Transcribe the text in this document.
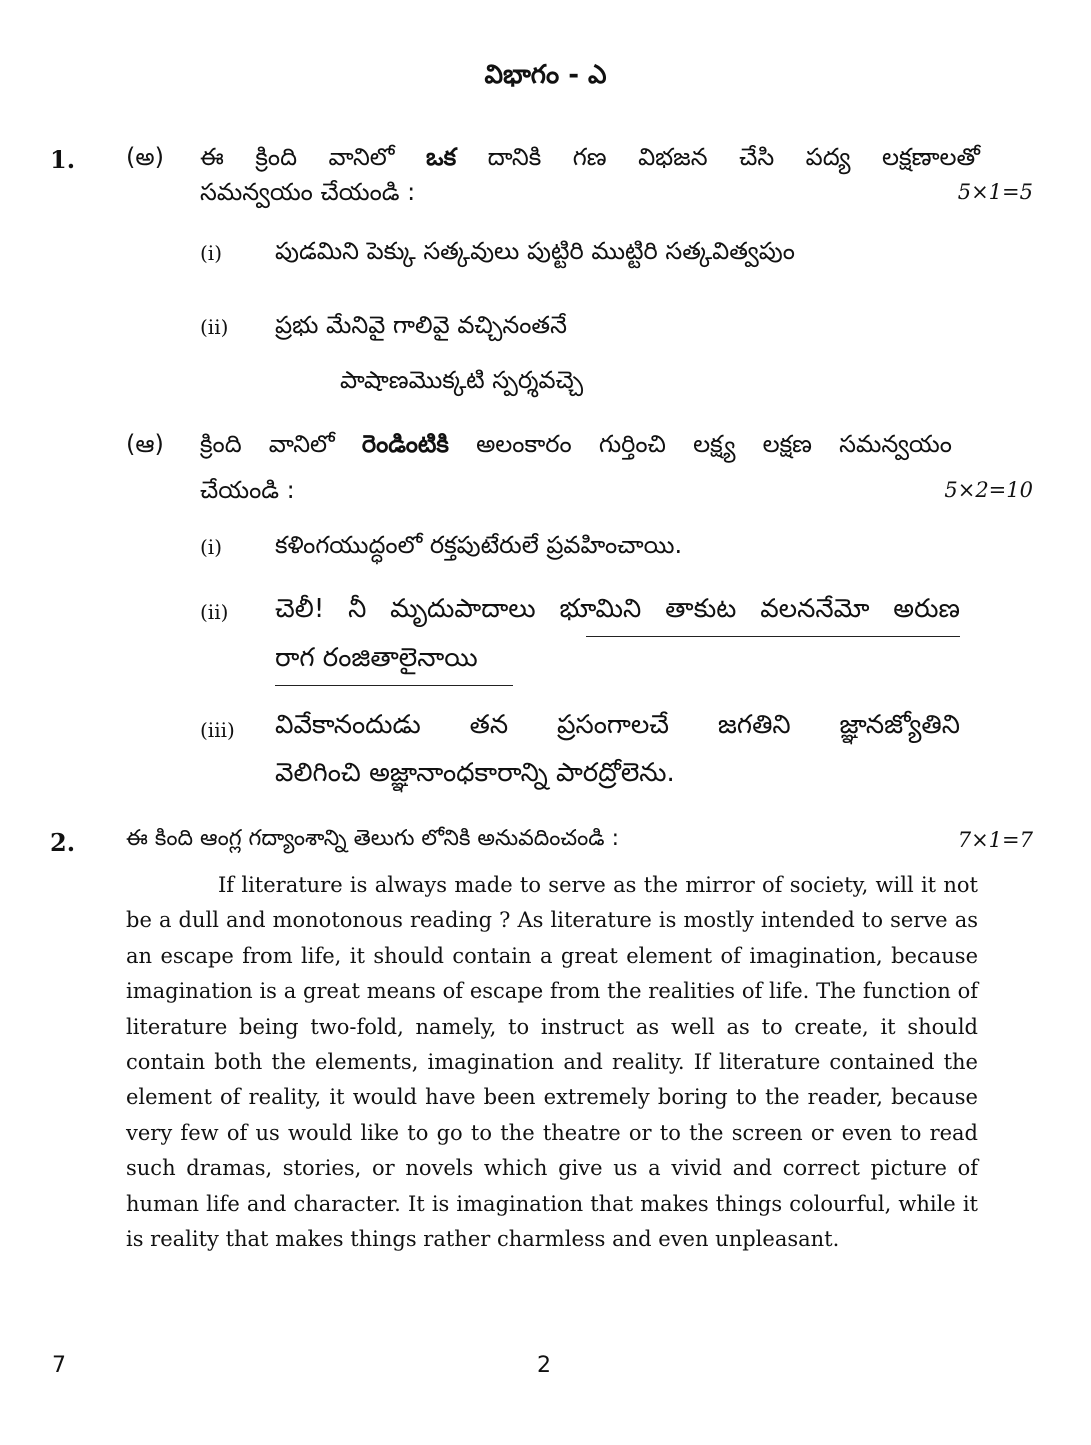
విభాగం - ఎ
1. (అ) ఈ క్రింది వానిలో ఒక దానికి గణ విభజన చేసి పద్య లక్షణాలతో
సమన్వయం చేయండి :	5×1=5
(i) పుడమిని పెక్కు సత్కవులు పుట్టిరి ముట్టిరి సత్కవిత్వపుం
(ii) ప్రభు మేనివై గాలివై వచ్చినంతనే
పాషాణమొక్కటి స్పర్శవచ్చె
(ఆ) క్రింది వానిలో రెండింటికి అలంకారం గుర్తించి లక్ష్య లక్షణ సమన్వయం
చేయండి :	5×2=10
(i) కళింగయుద్ధంలో రక్తపుటేరులే ప్రవహించాయి.
(ii) చెలీ! నీ మృదుపాదాలు భూమిని తాకుట వలననేమో అరుణ
రాగ రంజితాలైనాయి
(iii) వివేకానందుడు తన ప్రసంగాలచే జగతిని జ్ఞానజ్యోతిని
వెలిగించి అజ్ఞానాంధకారాన్ని పారద్రోలెను.
2. ఈ కింది ఆంగ్ల గద్యాంశాన్ని తెలుగు లోనికి అనువదించండి :	7×1=7
If literature is always made to serve as the mirror of society, will it not be a dull and monotonous reading ? As literature is mostly intended to serve as an escape from life, it should contain a great element of imagination, because imagination is a great means of escape from the realities of life. The function of literature being two-fold, namely, to instruct as well as to create, it should contain both the elements, imagination and reality. If literature contained the element of reality, it would have been extremely boring to the reader, because very few of us would like to go to the theatre or to the screen or even to read such dramas, stories, or novels which give us a vivid and correct picture of human life and character. It is imagination that makes things colourful, while it is reality that makes things rather charmless and even unpleasant.
7	2
